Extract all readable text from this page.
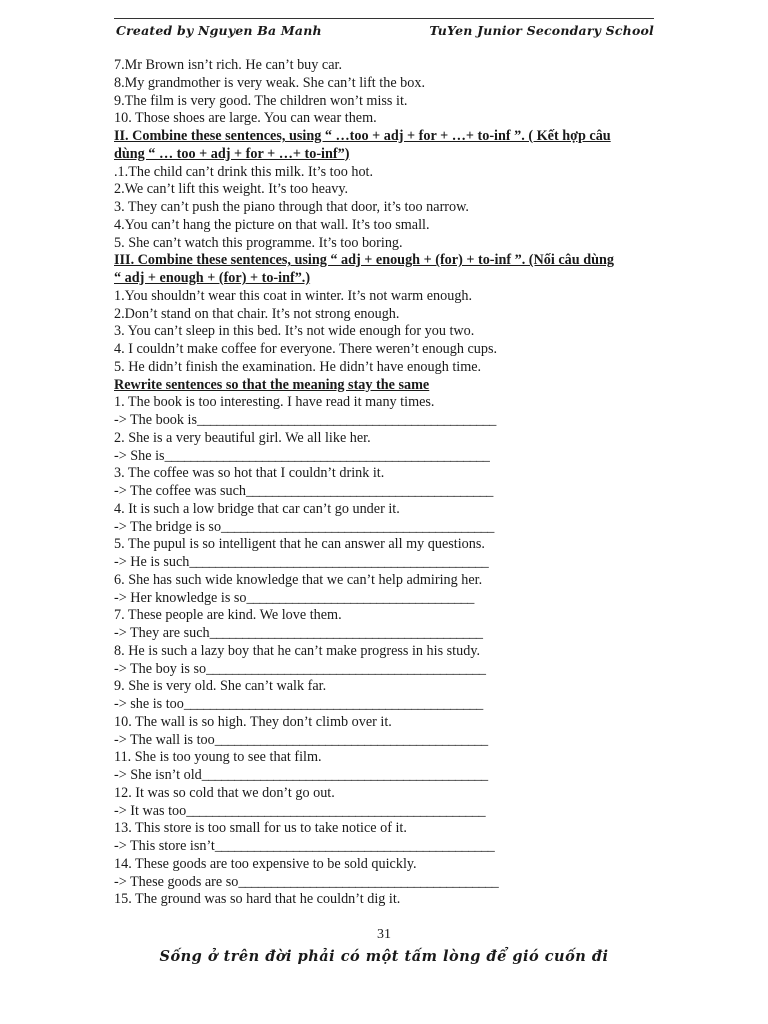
Created by Nguyen Ba Manh	TuYen Junior Secondary School
7.Mr Brown isn’t rich. He can’t buy car.
8.My grandmother is very weak. She can’t lift the box.
9.The film is very good. The children won’t miss it.
10. Those shoes are large. You can wear them.
II. Combine these sentences, using “ …too + adj + for + …+ to-inf ”. ( Kết hợp câu
dùng “ … too + adj + for + …+ to-inf”)
.1.The child can’t drink this milk. It’s too hot.
2.We can’t lift this weight. It’s too heavy.
3. They can’t push the piano through that door, it’s too narrow.
4.You can’t hang the picture on that wall. It’s too small.
5. She can’t watch this programme. It’s too boring.
III. Combine these sentences, using “ adj + enough + (for) + to-inf ”. (Nối câu dùng
“ adj + enough + (for) + to-inf”.)
1.You shouldn’t wear this coat in winter. It’s not warm enough.
2.Don’t stand on that chair. It’s not strong enough.
3. You can’t sleep in this bed. It’s not wide enough for you two.
4. I couldn’t make coffee for everyone. There weren’t enough cups.
5. He didn’t finish the examination. He didn’t have enough time.
Rewrite sentences so that the meaning stay the same
1. The book is too interesting. I have read it many times.
-> The book is______________________________________________
2. She is a very beautiful girl. We all like her.
-> She is__________________________________________________
3. The coffee was so hot that I couldn’t drink it.
-> The coffee was such______________________________________
4. It is such a low bridge that car can’t go under it.
-> The bridge is so__________________________________________
5. The pupul is so intelligent that he can answer all my questions.
-> He is such______________________________________________
6. She has such wide knowledge that we can’t help admiring her.
-> Her knowledge is so___________________________________
7. These people are kind. We love them.
-> They are such__________________________________________
8. He is such a lazy boy that he can’t make progress in his study.
-> The boy is so___________________________________________
9. She is very old. She can’t walk far.
-> she is too______________________________________________
10. The wall is so high. They don’t climb over it.
-> The wall is too__________________________________________
11. She is too young to see that film.
-> She isn’t old____________________________________________
12. It was so cold that we don’t go out.
-> It was too______________________________________________
13. This store is too small for us to take notice of it.
-> This store isn’t___________________________________________
14. These goods are too expensive to be sold quickly.
-> These goods are so________________________________________
15. The ground was so hard that he couldn’t dig it.
31
Sống ở trên đời phải có một tấm lòng để gió cuốn đi
